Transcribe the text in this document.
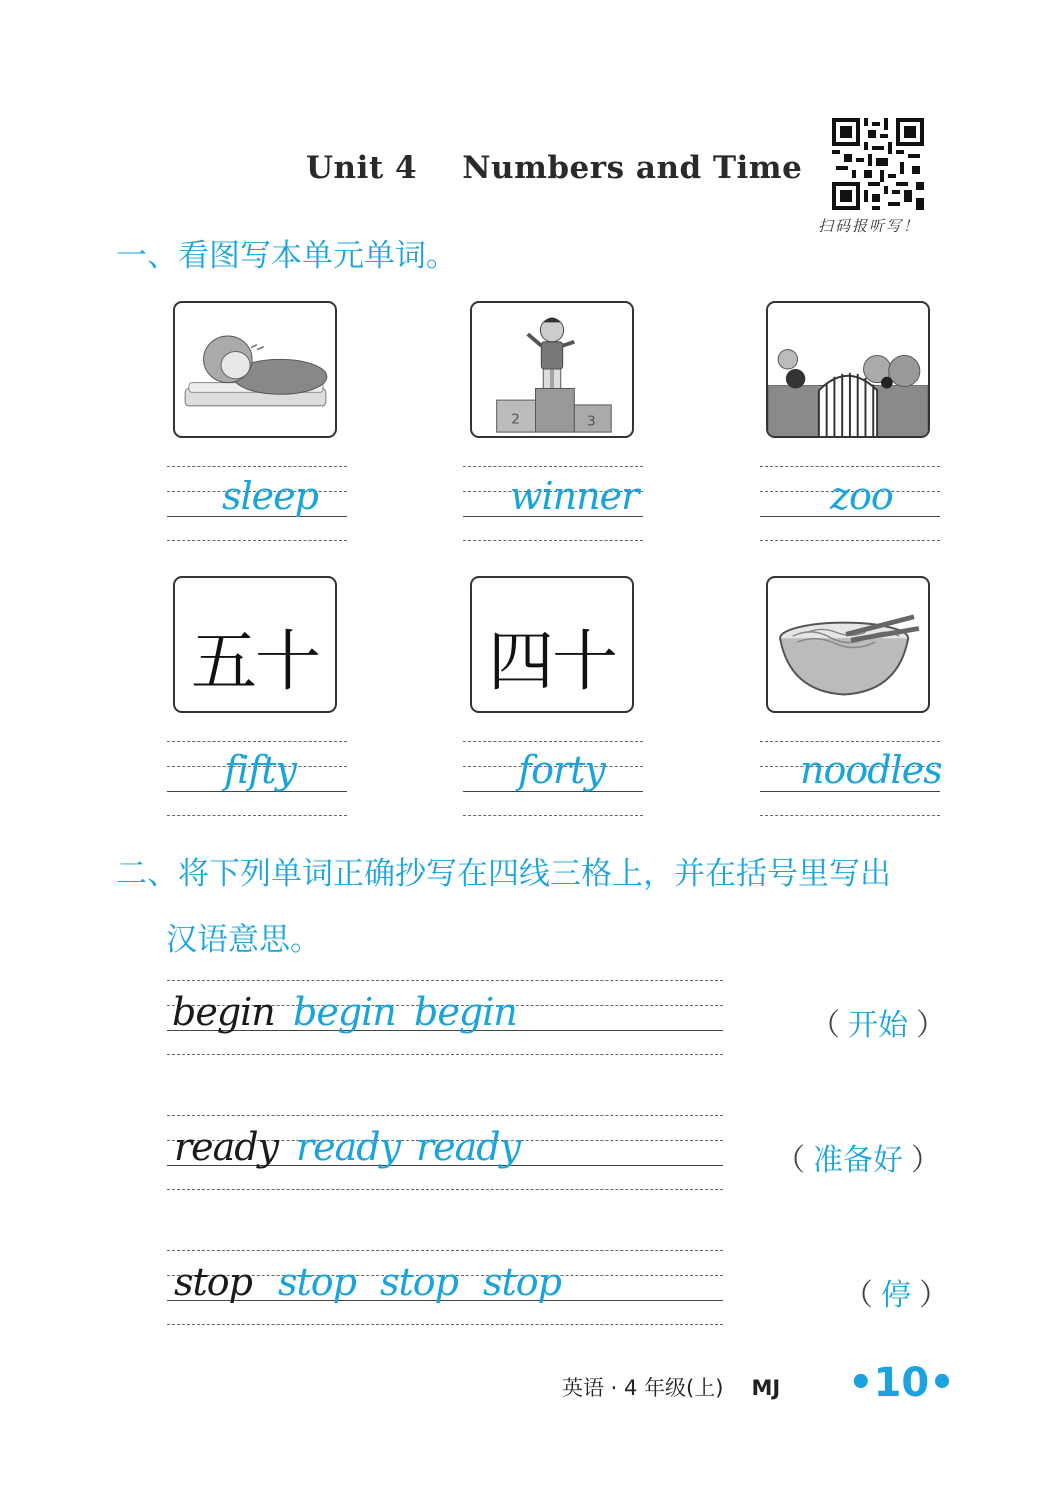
Unit 4    Numbers and Time
扫码报听写！
一、看图写本单元单词。
2	3
sleep	winner	zoo
五十	四十
fifty	forty	noodles
二、将下列单词正确抄写在四线三格上，并在括号里写出
汉语意思。
begin begin begin	（ 开始 ）
ready ready ready	（ 准备好 ）
stop stop stop stop	（ 停 ）
英语 · 4 年级(上) MJ •10•
